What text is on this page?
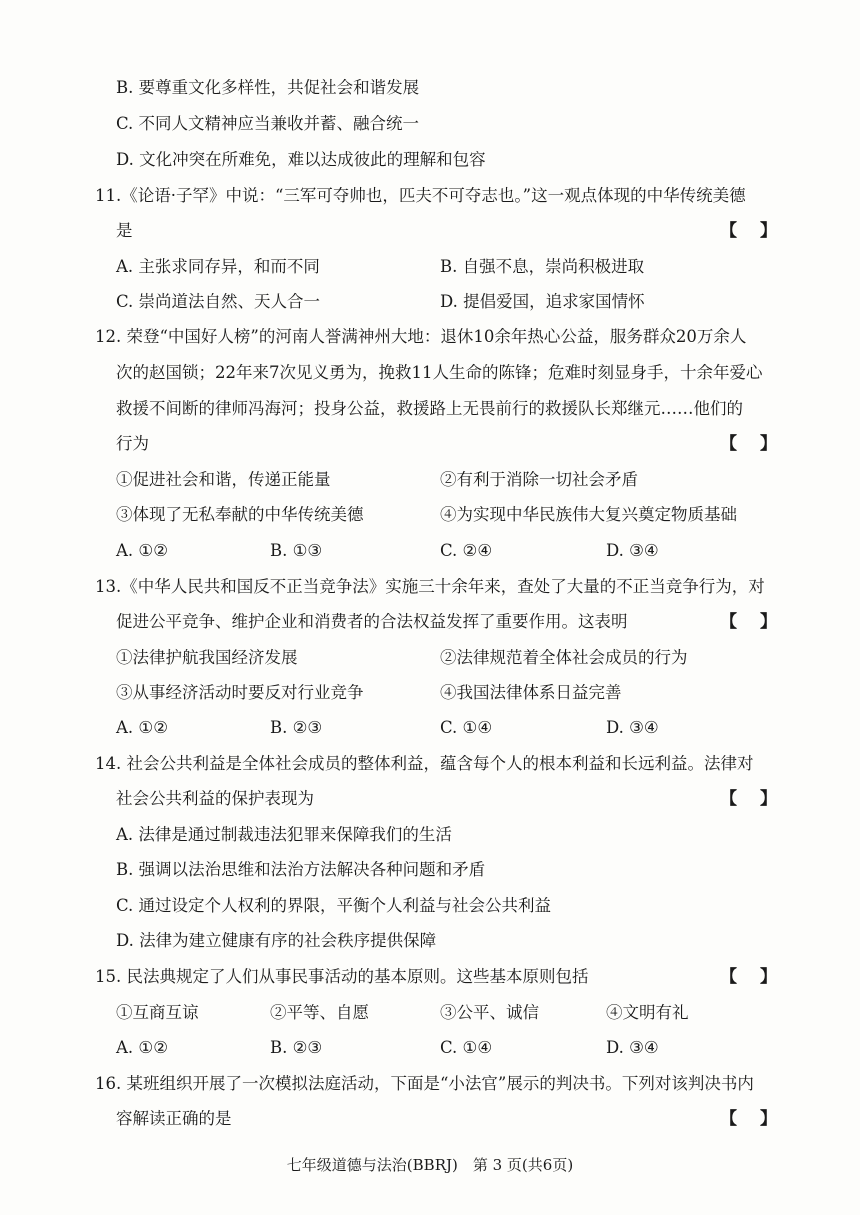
B. 要尊重文化多样性，共促社会和谐发展
C. 不同人文精神应当兼收并蓄、融合统一
D. 文化冲突在所难免，难以达成彼此的理解和包容
11.《论语·子罕》中说：“三军可夺帅也，匹夫不可夺志也。”这一观点体现的中华传统美德
是
【 】
A. 主张求同存异，和而不同	B. 自强不息，崇尚积极进取
C. 崇尚道法自然、天人合一	D. 提倡爱国，追求家国情怀
12. 荣登“中国好人榜”的河南人誉满神州大地：退休10余年热心公益，服务群众20万余人
次的赵国锁；22年来7次见义勇为，挽救11人生命的陈锋；危难时刻显身手，十余年爱心
救援不间断的律师冯海河；投身公益，救援路上无畏前行的救援队长郑继元……他们的
行为
【 】
①促进社会和谐，传递正能量	②有利于消除一切社会矛盾
③体现了无私奉献的中华传统美德	④为实现中华民族伟大复兴奠定物质基础
A. ①②	B. ①③	C. ②④	D. ③④
13.《中华人民共和国反不正当竞争法》实施三十余年来，查处了大量的不正当竞争行为，对
促进公平竞争、维护企业和消费者的合法权益发挥了重要作用。这表明
【 】
①法律护航我国经济发展	②法律规范着全体社会成员的行为
③从事经济活动时要反对行业竞争	④我国法律体系日益完善
A. ①②	B. ②③	C. ①④	D. ③④
14. 社会公共利益是全体社会成员的整体利益，蕴含每个人的根本利益和长远利益。法律对
社会公共利益的保护表现为
【 】
A. 法律是通过制裁违法犯罪来保障我们的生活
B. 强调以法治思维和法治方法解决各种问题和矛盾
C. 通过设定个人权利的界限，平衡个人利益与社会公共利益
D. 法律为建立健康有序的社会秩序提供保障
15. 民法典规定了人们从事民事活动的基本原则。这些基本原则包括
【 】
①互商互谅	②平等、自愿	③公平、诚信	④文明有礼
A. ①②	B. ②③	C. ①④	D. ③④
16. 某班组织开展了一次模拟法庭活动，下面是“小法官”展示的判决书。下列对该判决书内
容解读正确的是
【 】
七年级道德与法治(BBRJ)　第 3 页(共6页)
